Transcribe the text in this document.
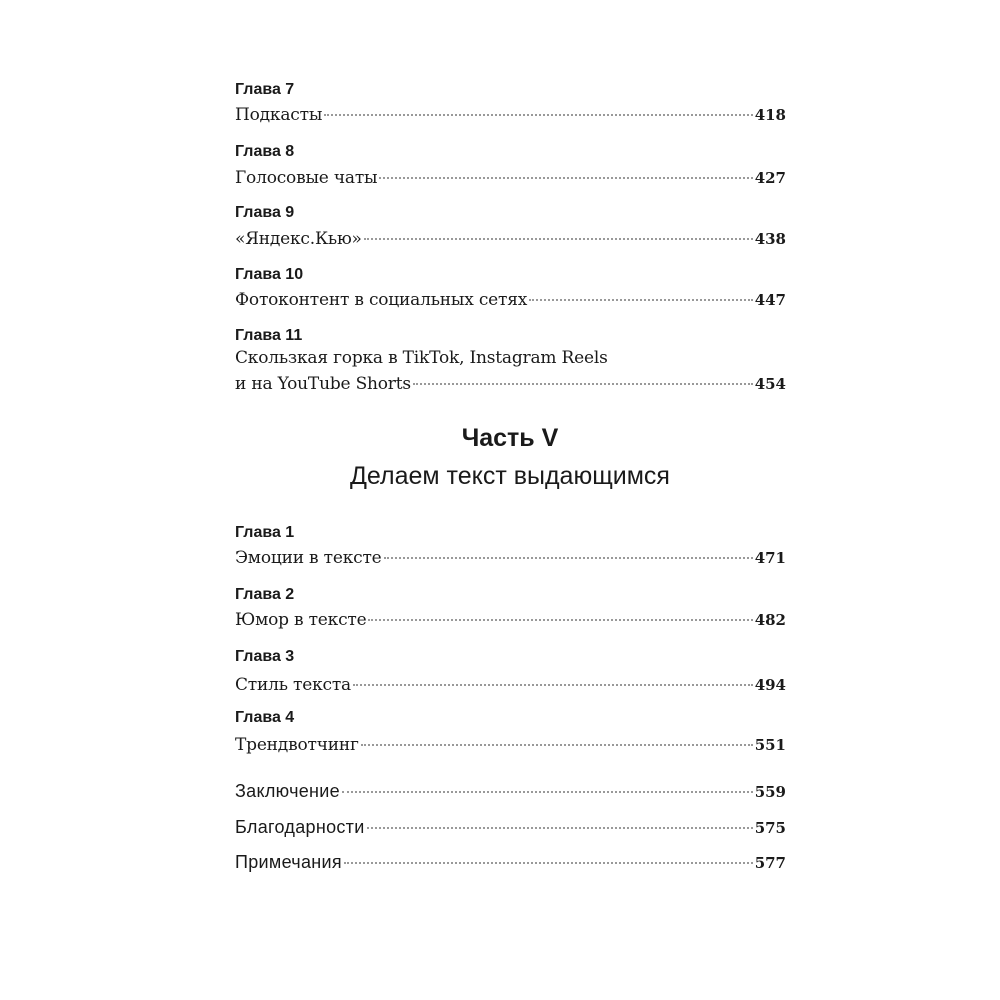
Глава 7
Подкасты	418
Глава 8
Голосовые чаты	427
Глава 9
«Яндекс.Кью»	438
Глава 10
Фотоконтент в социальных сетях	447
Глава 11
Скользкая горка в TikTok, Instagram Reels
и на YouTube Shorts	454
Часть V
Делаем текст выдающимся
Глава 1
Эмоции в тексте	471
Глава 2
Юмор в тексте	482
Глава 3
Стиль текста	494
Глава 4
Трендвотчинг	551
Заключение	559
Благодарности	575
Примечания	577
